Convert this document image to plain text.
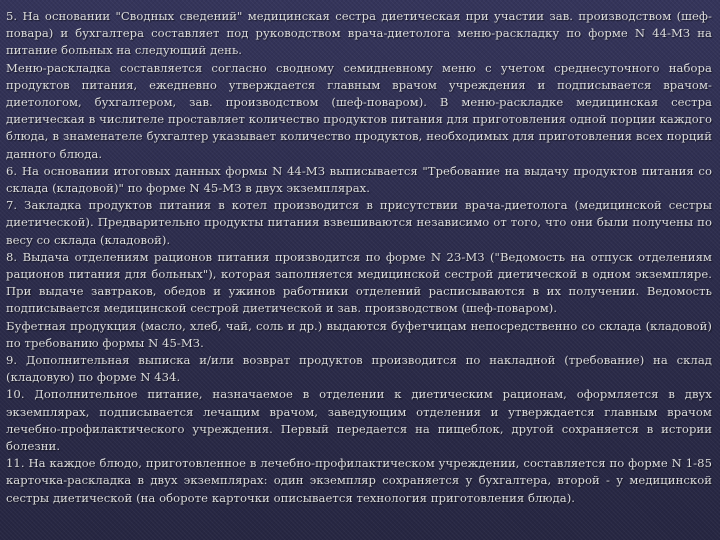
5. На основании "Сводных сведений" медицинская сестра диетическая при участии зав. производством (шеф-повара) и бухгалтера составляет под руководством врача-диетолога меню-раскладку по форме N 44-МЗ на питание больных на следующий день.

Меню-раскладка составляется согласно сводному семидневному меню с учетом среднесуточного набора продуктов питания, ежедневно утверждается главным врачом учреждения и подписывается врачом-диетологом, бухгалтером, зав. производством (шеф-поваром). В меню-раскладке медицинская сестра диетическая в числителе проставляет количество продуктов питания для приготовления одной порции каждого блюда, в знаменателе бухгалтер указывает количество продуктов, необходимых для приготовления всех порций данного блюда.

6. На основании итоговых данных формы N 44-МЗ выписывается "Требование на выдачу продуктов питания со склада (кладовой)" по форме N 45-МЗ в двух экземплярах.

7. Закладка продуктов питания в котел производится в присутствии врача-диетолога (медицинской сестры диетической). Предварительно продукты питания взвешиваются независимо от того, что они были получены по весу со склада (кладовой).

8. Выдача отделениям рационов питания производится по форме N 23-МЗ ("Ведомость на отпуск отделениям рационов питания для больных"), которая заполняется медицинской сестрой диетической в одном экземпляре. При выдаче завтраков, обедов и ужинов работники отделений расписываются в их получении. Ведомость подписывается медицинской сестрой диетической и зав. производством (шеф-поваром).

Буфетная продукция (масло, хлеб, чай, соль и др.) выдаются буфетчицам непосредственно со склада (кладовой) по требованию формы N 45-МЗ.

9. Дополнительная выписка и/или возврат продуктов производится по накладной (требование) на склад (кладовую) по форме N 434.

10. Дополнительное питание, назначаемое в отделении к диетическим рационам, оформляется в двух экземплярах, подписывается лечащим врачом, заведующим отделения и утверждается главным врачом лечебно-профилактического учреждения. Первый передается на пищеблок, другой сохраняется в истории болезни.

11. На каждое блюдо, приготовленное в лечебно-профилактическом учреждении, составляется по форме N 1-85 карточка-раскладка в двух экземплярах: один экземпляр сохраняется у бухгалтера, второй - у медицинской сестры диетической (на обороте карточки описывается технология приготовления блюда).
